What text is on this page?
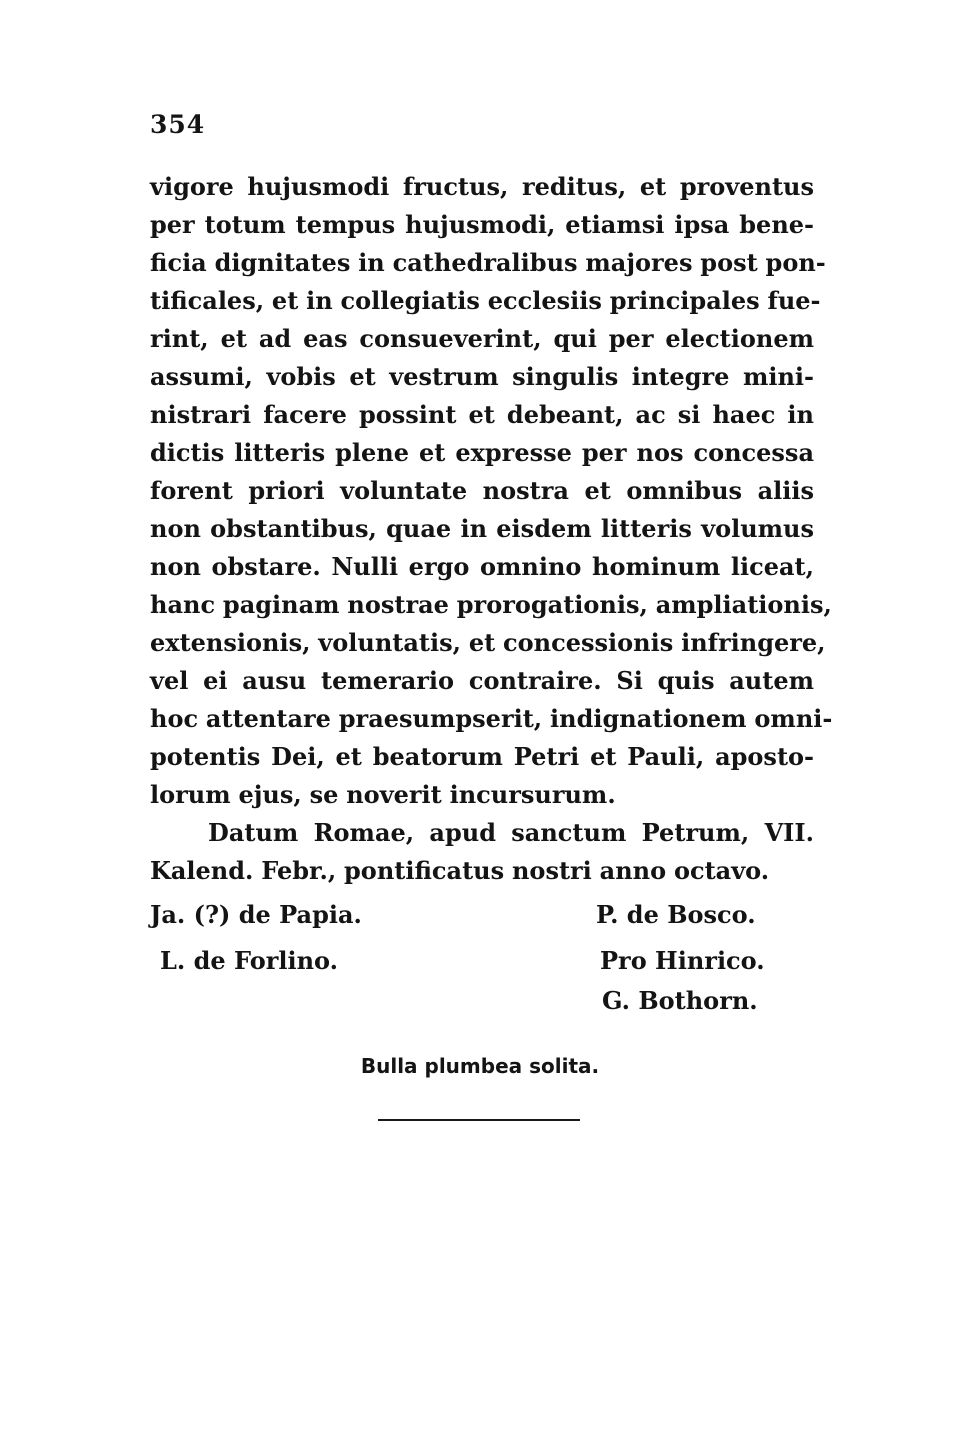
354
vigore hujusmodi fructus, reditus, et proventus
per totum tempus hujusmodi, etiamsi ipsa bene-
ficia dignitates in cathedralibus majores post pon-
tificales, et in collegiatis ecclesiis principales fue-
rint, et ad eas consueverint, qui per electionem
assumi, vobis et vestrum singulis integre mini-
nistrari facere possint et debeant, ac si haec in
dictis litteris plene et expresse per nos concessa
forent priori voluntate nostra et omnibus aliis
non obstantibus, quae in eisdem litteris volumus
non obstare. Nulli ergo omnino hominum liceat,
hanc paginam nostrae prorogationis, ampliationis,
extensionis, voluntatis, et concessionis infringere,
vel ei ausu temerario contraire. Si quis autem
hoc attentare praesumpserit, indignationem omni-
potentis Dei, et beatorum Petri et Pauli, aposto-
lorum ejus, se noverit incursurum.
Datum Romae, apud sanctum Petrum, VII.
Kalend. Febr., pontificatus nostri anno octavo.
Ja. (?) de Papia.
L. de Forlino.
P. de Bosco.
Pro Hinrico.
G. Bothorn.
Bulla plumbea solita.
